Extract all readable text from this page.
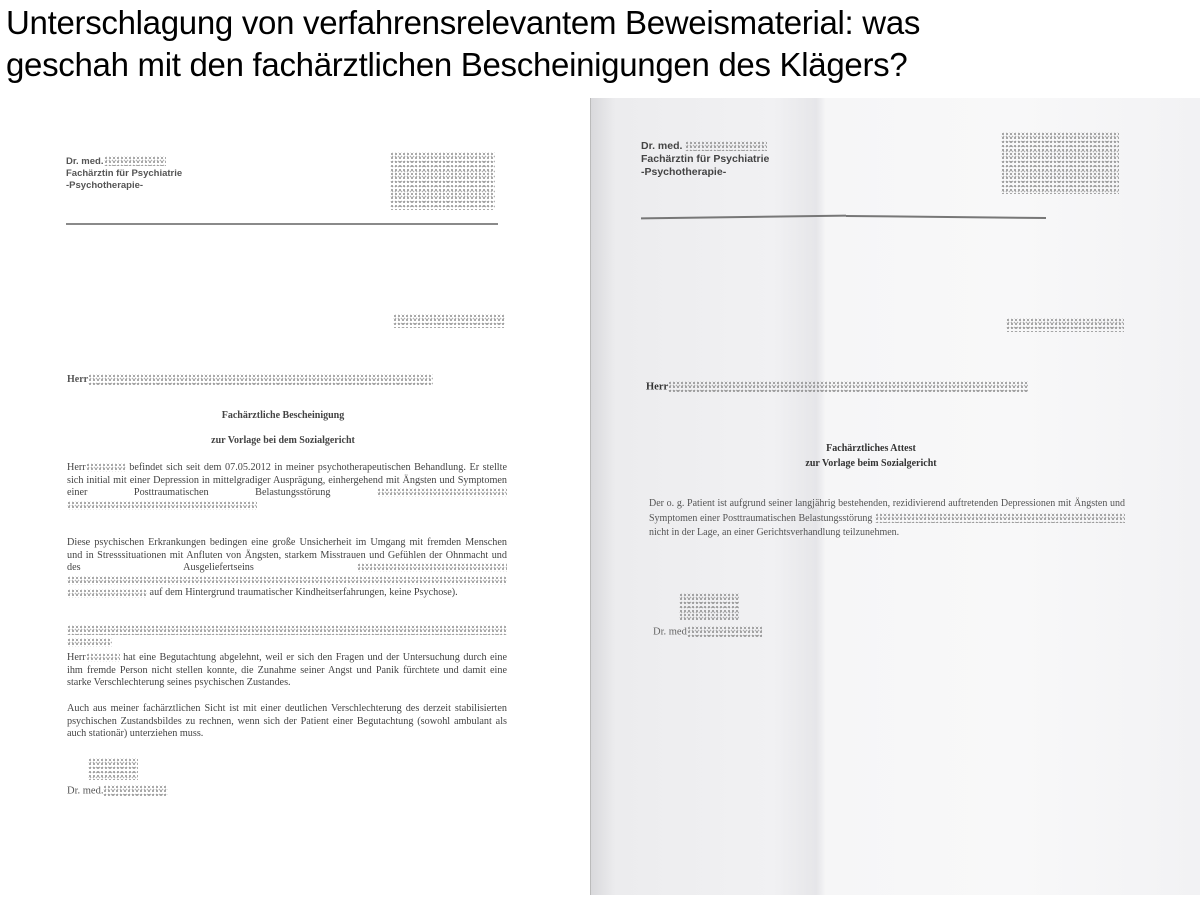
Unterschlagung von verfahrensrelevantem Beweismaterial: was
geschah mit den fachärztlichen Bescheinigungen des Klägers?
Dr. med.
Fachärztin für Psychiatrie
-Psychotherapie-
Herr
Fachärztliche Bescheinigung
zur Vorlage bei dem Sozialgericht
Herr	befindet sich seit dem 07.05.2012 in meiner psychotherapeutischen Behandlung. Er stellte sich initial mit einer Depression in mittelgradiger Ausprägung, einhergehend mit Ängsten und Symptomen einer Posttraumatischen Belastungsstörung
Diese psychischen Erkrankungen bedingen eine große Unsicherheit im Umgang mit fremden Menschen und in Stresssituationen mit Anfluten von Ängsten, starkem Misstrauen und Gefühlen der Ohnmacht und des Ausgeliefertseins    auf dem Hintergrund traumatischer Kindheitserfahrungen, keine Psychose).
Herr	hat eine Begutachtung abgelehnt, weil er sich den Fragen und der Untersuchung durch eine ihm fremde Person nicht stellen konnte, die Zunahme seiner Angst und Panik fürchtete und damit eine starke Verschlechterung seines psychischen Zustandes.
Auch aus meiner fachärztlichen Sicht ist mit einer deutlichen Verschlechterung des derzeit stabilisierten psychischen Zustandsbildes zu rechnen, wenn sich der Patient einer Begutachtung (sowohl ambulant als auch stationär) unterziehen muss.
Dr. med.
Dr. med.
Fachärztin für Psychiatrie
-Psychotherapie-
Herr
Fachärztliches Attest
zur Vorlage beim Sozialgericht
Der o. g. Patient ist aufgrund seiner langjährig bestehenden, rezidivierend auftretenden Depressionen mit Ängsten und Symptomen einer Posttraumatischen Belastungsstörung  nicht in der Lage, an einer Gerichtsverhandlung teilzunehmen.
Dr. med
